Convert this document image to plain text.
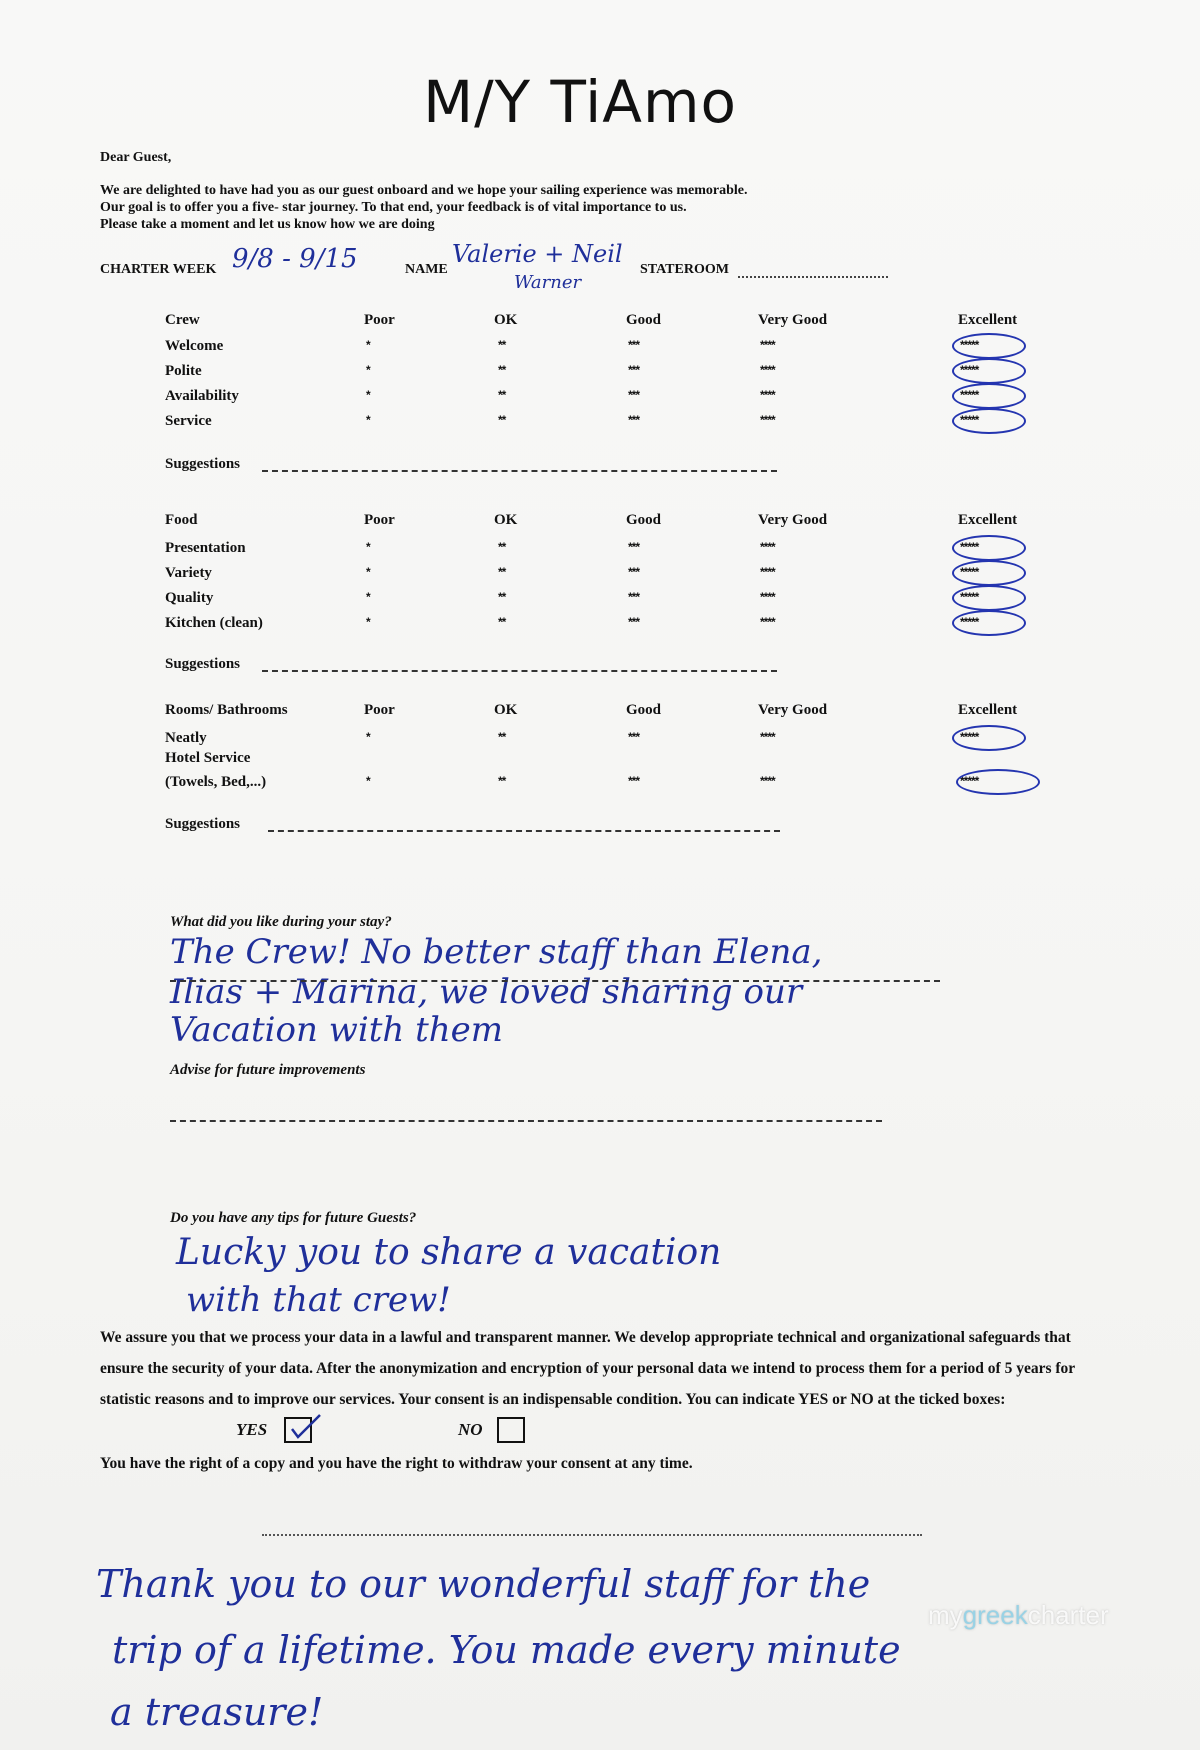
M/Y TiAmo
Dear Guest,
We are delighted to have had you as our guest onboard and we hope your sailing experience was memorable.
Our goal is to offer you a five- star journey. To that end, your feedback is of vital importance to us.
Please take a moment and let us know how we are doing
CHARTER WEEK 9/8 - 9/15	NAME
Valerie + Neil
Warner
STATEROOM
Crew	Poor	OK	Good	Very Good	Excellent
Welcome	*	**	***	****	*****
Polite	*	**	***	****	*****
Availability	*	**	***	****	*****
Service	*	**	***	****	*****
Suggestions
Food	Poor	OK	Good	Very Good	Excellent
Presentation	*	**	***	****	*****
Variety	*	**	***	****	*****
Quality	*	**	***	****	*****
Kitchen (clean)	*	**	***	****	*****
Suggestions
Rooms/ Bathrooms	Poor	OK	Good	Very Good	Excellent
Neatly	*	**	***	****	*****
Hotel Service
(Towels, Bed,...)	*	**	***	****	*****
Suggestions
What did you like during your stay?
The Crew! No better staff than Elena,
Ilias + Marina, we loved sharing our
Vacation with them
Advise for future improvements
Do you have any tips for future Guests?
Lucky you to share a vacation
with that crew!
We assure you that we process your data in a lawful and transparent manner. We develop appropriate technical and organizational safeguards that ensure the security of your data. After the anonymization and encryption of your personal data we intend to process them for a period of 5 years for statistic reasons and to improve our services. Your consent is an indispensable condition. You can indicate YES or NO at the ticked boxes:
YES	NO
You have the right of a copy and you have the right to withdraw your consent at any time.
Thank you to our wonderful staff for the
trip of a lifetime. You made every minute
a treasure!
mygreekcharter
